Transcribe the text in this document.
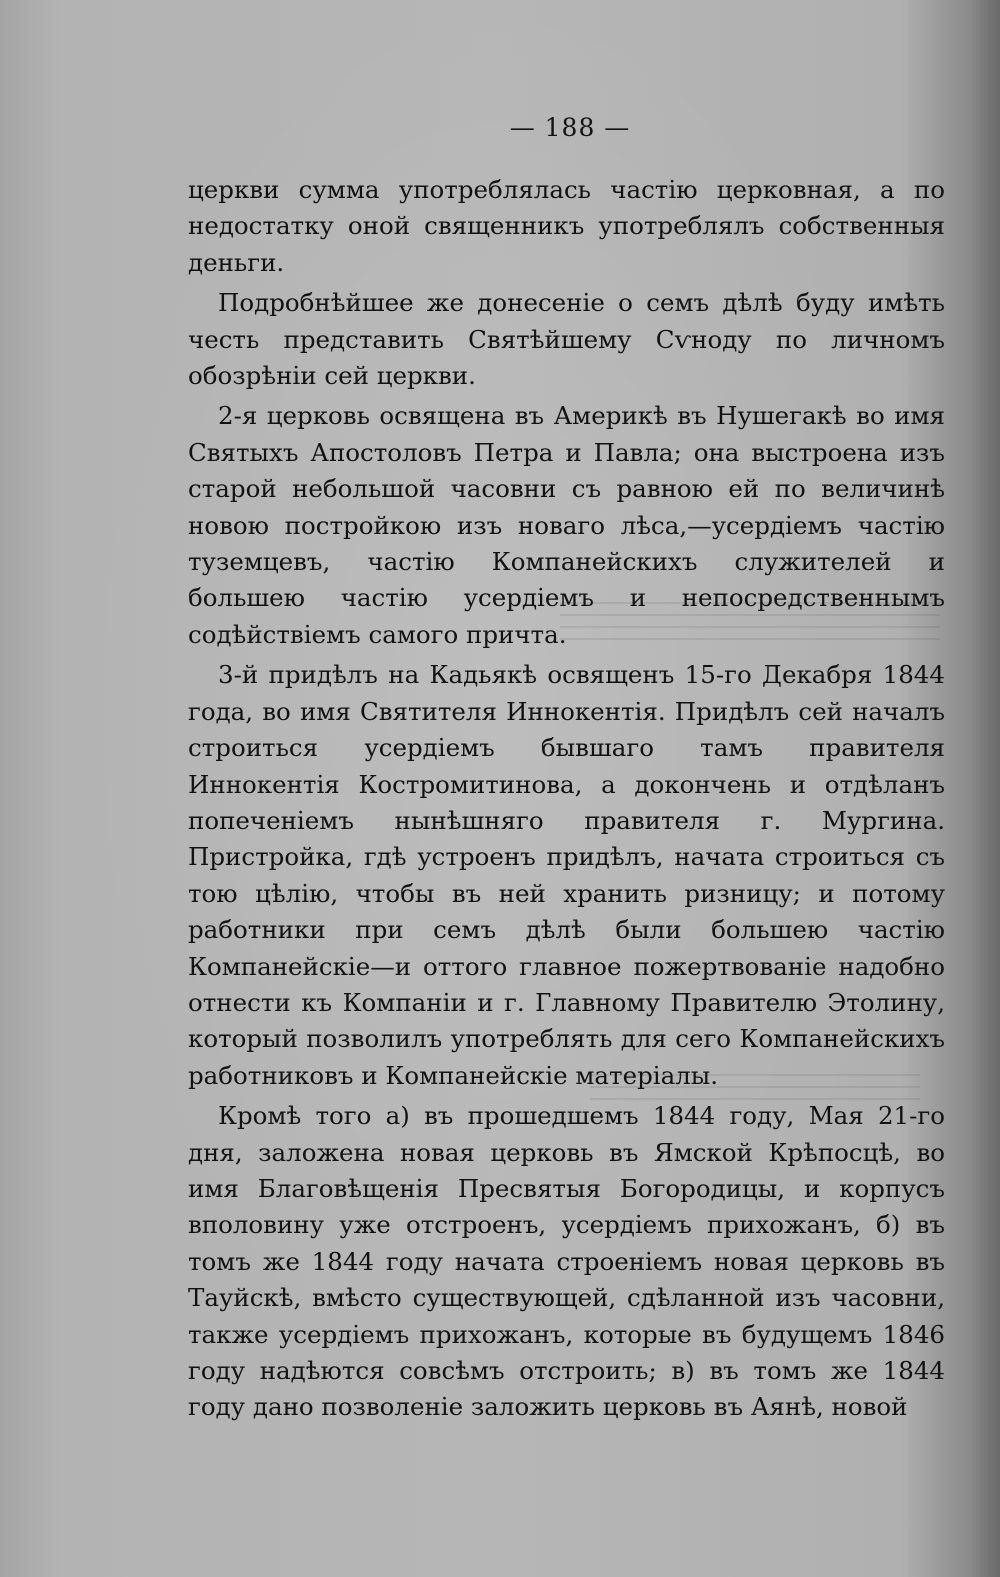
— 188 —

церкви сумма употреблялась частію церковная, а по недостатку оной священникъ употреблялъ собственныя деньги.

Подробнѣйшее же донесеніе о семъ дѣлѣ буду имѣть честь представить Святѣйшему Сѵноду по личномъ обозрѣніи сей церкви.

2-я церковь освящена въ Америкѣ въ Нушегакѣ во имя Святыхъ Апостоловъ Петра и Павла; она выстроена изъ старой небольшой часовни съ равною ей по величинѣ новою постройкою изъ новаго лѣса,—усердіемъ частію туземцевъ, частію Компанейскихъ служителей и большею частію усердіемъ и непосредственнымъ содѣйствіемъ самого причта.

3-й придѣлъ на Кадьякѣ освященъ 15-го Декабря 1844 года, во имя Святителя Иннокентія. Придѣлъ сей началъ строиться усердіемъ бывшаго тамъ правителя Иннокентія Костромитинова, а докончень и отдѣланъ попеченіемъ нынѣшняго правителя г. Мургина. Пристройка, гдѣ устроенъ придѣлъ, начата строиться съ тою цѣлію, чтобы въ ней хранить ризницу; и потому работники при семъ дѣлѣ были большею частію Компанейскіе—и оттого главное пожертвованіе надобно отнести къ Компаніи и г. Главному Правителю Этолину, который позволилъ употреблять для сего Компанейскихъ работниковъ и Компанейскіе матеріалы.

Кромѣ того а) въ прошедшемъ 1844 году, Мая 21-го дня, заложена новая церковь въ Ямской Крѣпосцѣ, во имя Благовѣщенія Пресвятыя Богородицы, и корпусъ вполовину уже отстроенъ, усердіемъ прихожанъ, б) въ томъ же 1844 году начата строеніемъ новая церковь въ Тауйскѣ, вмѣсто существующей, сдѣланной изъ часовни, также усердіемъ прихожанъ, которые въ будущемъ 1846 году надѣются совсѣмъ отстроить; в) въ томъ же 1844 году дано позволеніе заложить церковь въ Аянѣ, новой
